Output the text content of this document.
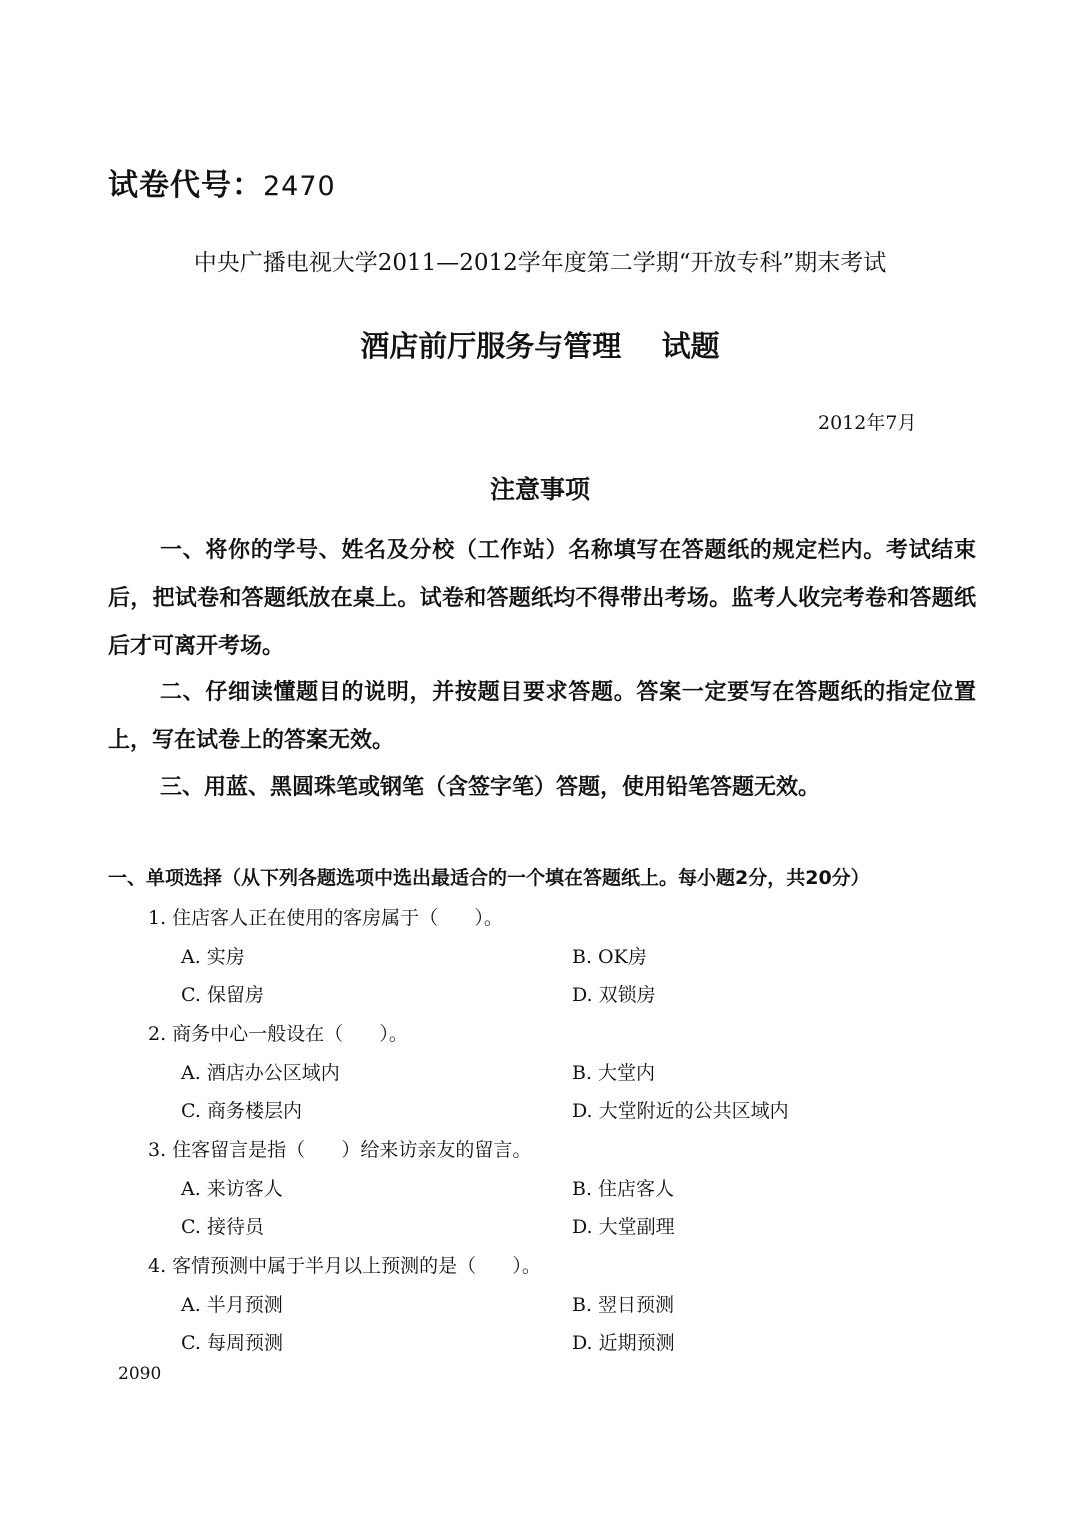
试卷代号：2470
中央广播电视大学2011—2012学年度第二学期“开放专科”期末考试
酒店前厅服务与管理    试题
2012年7月
注意事项
一、将你的学号、姓名及分校（工作站）名称填写在答题纸的规定栏内。考试结束后，把试卷和答题纸放在桌上。试卷和答题纸均不得带出考场。监考人收完考卷和答题纸后才可离开考场。
二、仔细读懂题目的说明，并按题目要求答题。答案一定要写在答题纸的指定位置上，写在试卷上的答案无效。
三、用蓝、黑圆珠笔或钢笔（含签字笔）答题，使用铅笔答题无效。
一、单项选择（从下列各题选项中选出最适合的一个填在答题纸上。每小题2分，共20分）
1. 住店客人正在使用的客房属于（      ）。
A. 实房	B. OK房
C. 保留房	D. 双锁房
2. 商务中心一般设在（      ）。
A. 酒店办公区域内	B. 大堂内
C. 商务楼层内	D. 大堂附近的公共区域内
3. 住客留言是指（      ）给来访亲友的留言。
A. 来访客人	B. 住店客人
C. 接待员	D. 大堂副理
4. 客情预测中属于半月以上预测的是（      ）。
A. 半月预测	B. 翌日预测
C. 每周预测	D. 近期预测
2090
